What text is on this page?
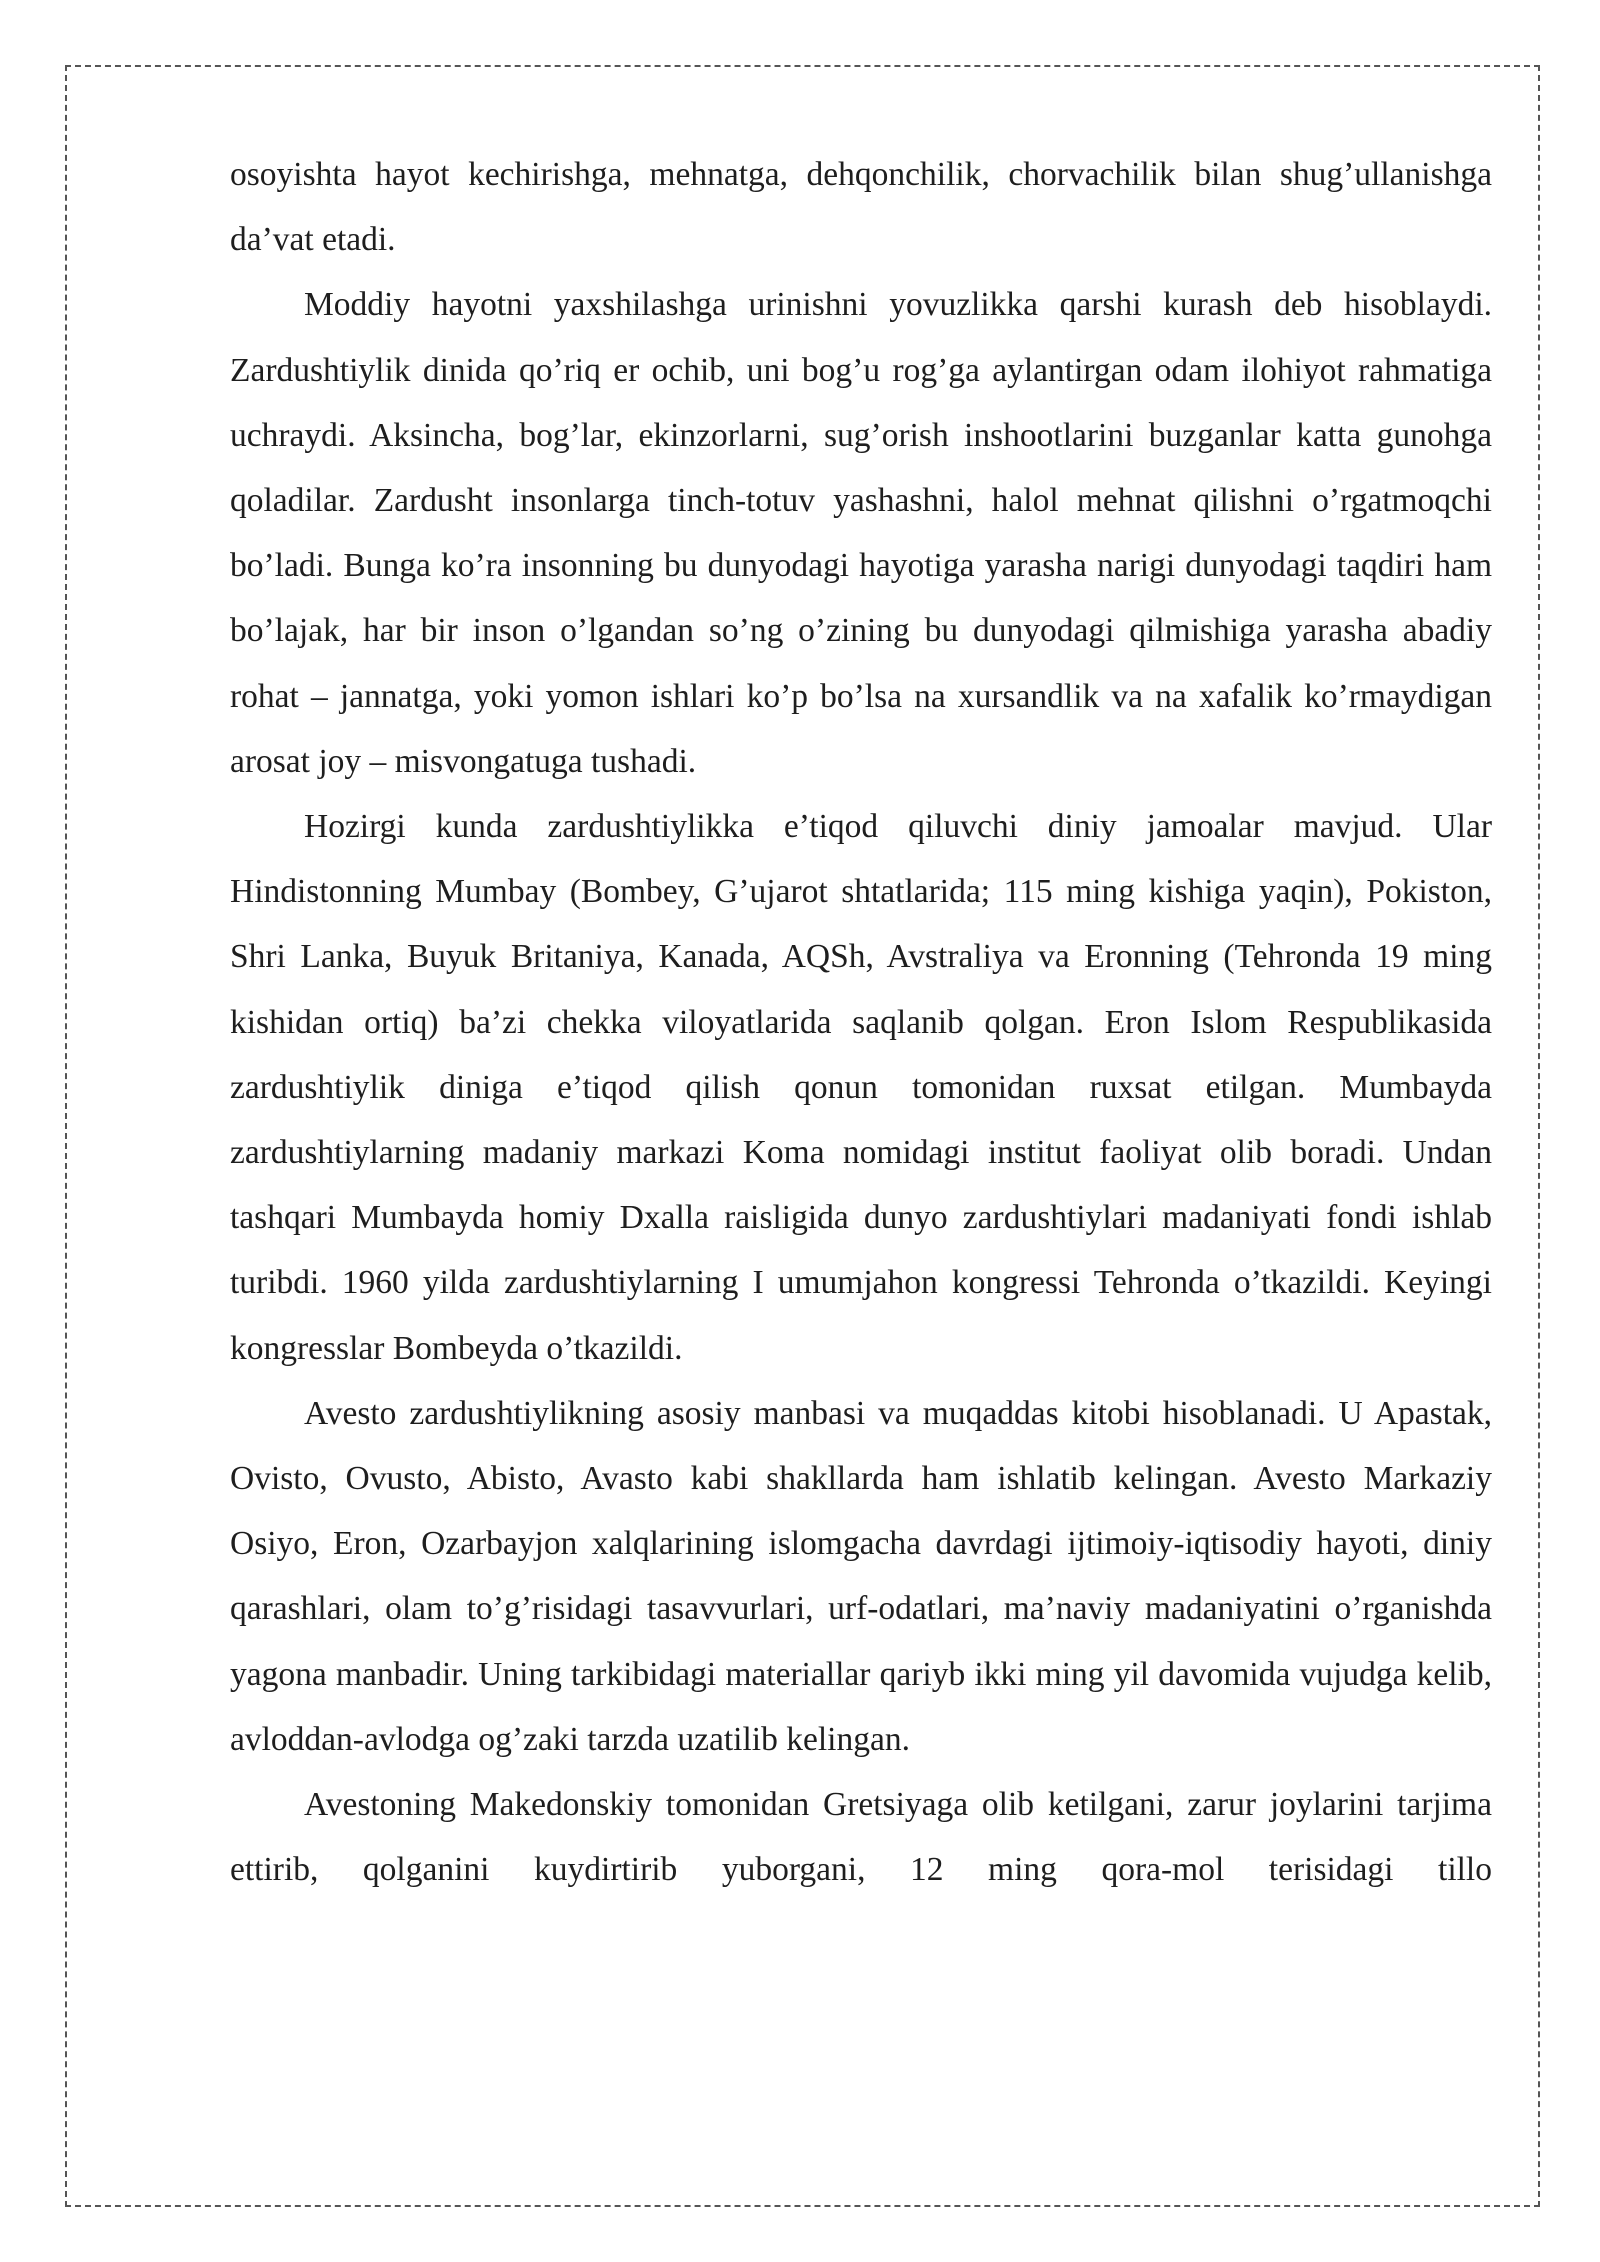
osoyishta hayot kechirishga, mehnatga, dehqonchilik, chorvachilik bilan shug’ullanishga da’vat etadi.

Moddiy hayotni yaxshilashga urinishni yovuzlikka qarshi kurash deb hisoblaydi. Zardushtiylik dinida qo’riq er ochib, uni bog’u rog’ga aylantirgan odam ilohiyot rahmatiga uchraydi. Aksincha, bog’lar, ekinzorlarni, sug’orish inshootlarini buzganlar katta gunohga qoladilar. Zardusht insonlarga tinch-totuv yashashni, halol mehnat qilishni o’rgatmoqchi bo’ladi. Bunga ko’ra insonning bu dunyodagi hayotiga yarasha narigi dunyodagi taqdiri ham bo’lajak, har bir inson o’lgandan so’ng o’zining bu dunyodagi qilmishiga yarasha abadiy rohat – jannatga, yoki yomon ishlari ko’p bo’lsa na xursandlik va na xafalik ko’rmaydigan arosat joy – misvongatuga tushadi.

Hozirgi kunda zardushtiylikka e’tiqod qiluvchi diniy jamoalar mavjud. Ular Hindistonning Mumbay (Bombey, G’ujarot shtatlarida; 115 ming kishiga yaqin), Pokiston, Shri Lanka, Buyuk Britaniya, Kanada, AQSh, Avstraliya va Eronning (Tehronda 19 ming kishidan ortiq) ba’zi chekka viloyatlarida saqlanib qolgan. Eron Islom Respublikasida zardushtiylik diniga e’tiqod qilish qonun tomonidan ruxsat etilgan. Mumbayda zardushtiylarning madaniy markazi Koma nomidagi institut faoliyat olib boradi. Undan tashqari Mumbayda homiy Dxalla raisligida dunyo zardushtiylari madaniyati fondi ishlab turibdi. 1960 yilda zardushtiylarning I umumjahon kongressi Tehronda o’tkazildi. Keyingi kongresslar Bombeyda o’tkazildi.

Avesto zardushtiylikning asosiy manbasi va muqaddas kitobi hisoblanadi. U Apastak, Ovisto, Ovusto, Abisto, Avasto kabi shakllarda ham ishlatib kelingan. Avesto Markaziy Osiyo, Eron, Ozarbayjon xalqlarining islomgacha davrdagi ijtimoiy-iqtisodiy hayoti, diniy qarashlari, olam to’g’risidagi tasavvurlari, urf-odatlari, ma’naviy madaniyatini o’rganishda yagona manbadir. Uning tarkibidagi materiallar qariyb ikki ming yil davomida vujudga kelib, avloddan-avlodga og’zaki tarzda uzatilib kelingan.

Avestoning Makedonskiy tomonidan Gretsiyaga olib ketilgani, zarur joylarini tarjima ettirib, qolganini kuydirtirib yuborgani, 12 ming qora-mol terisidagi tillo
